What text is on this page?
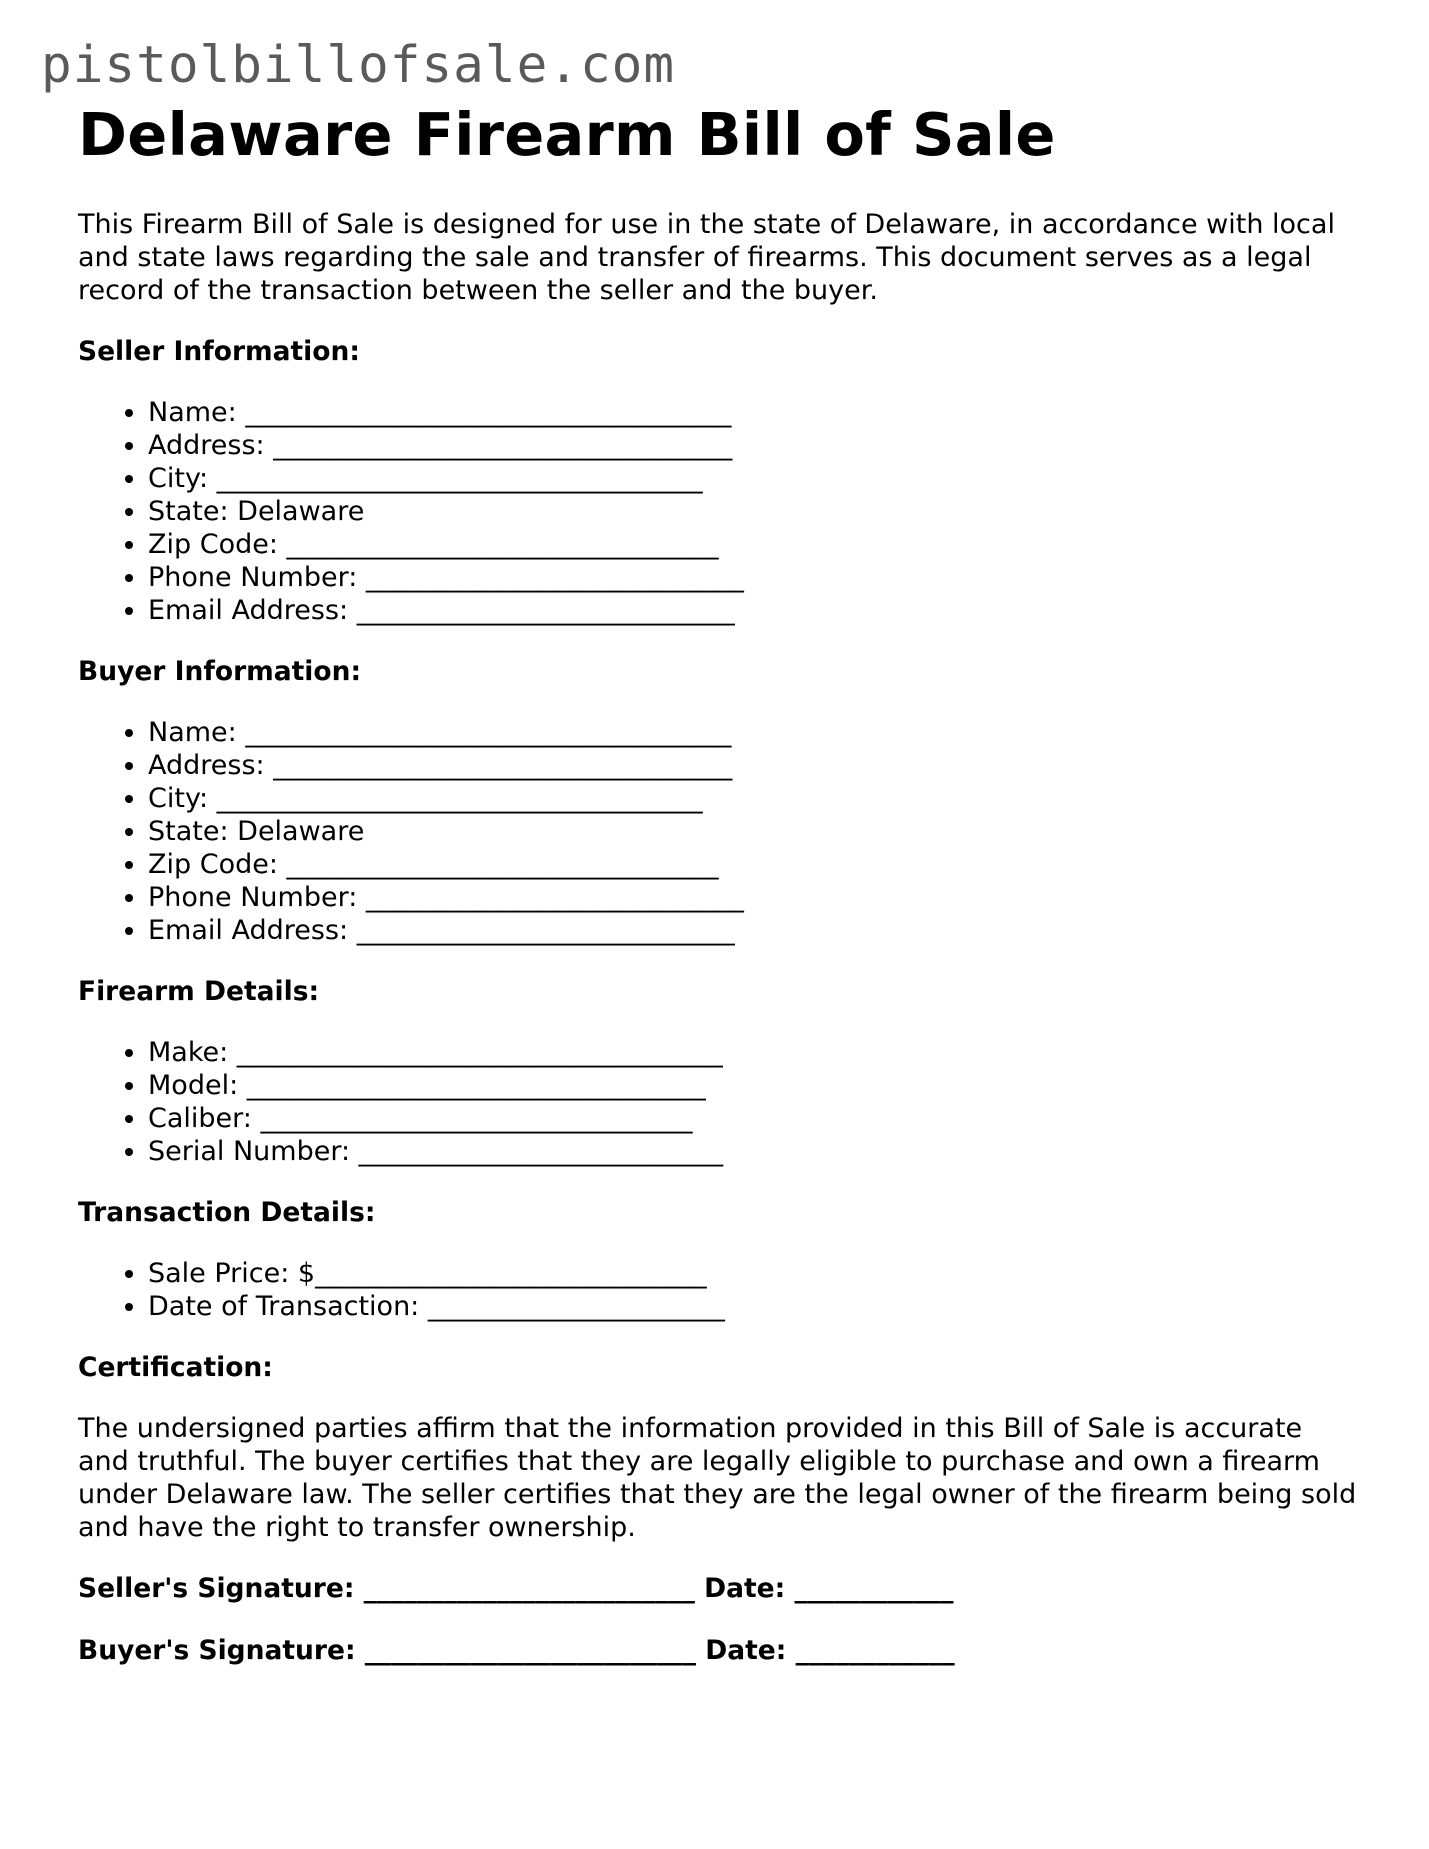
pistolbillofsale.com
Delaware Firearm Bill of Sale

This Firearm Bill of Sale is designed for use in the state of Delaware, in accordance with local and state laws regarding the sale and transfer of firearms. This document serves as a legal record of the transaction between the seller and the buyer.

Seller Information:
• Name: ____________________________________
• Address: __________________________________
• City: ____________________________________
• State: Delaware
• Zip Code: ________________________________
• Phone Number: ____________________________
• Email Address: ____________________________
Buyer Information:
• Name: ____________________________________
• Address: __________________________________
• City: ____________________________________
• State: Delaware
• Zip Code: ________________________________
• Phone Number: ____________________________
• Email Address: ____________________________
Firearm Details:
• Make: ____________________________________
• Model: __________________________________
• Caliber: ________________________________
• Serial Number: ___________________________
Transaction Details:
• Sale Price: $_____________________________
• Date of Transaction: ______________________
Certification:

The undersigned parties affirm that the information provided in this Bill of Sale is accurate and truthful. The buyer certifies that they are legally eligible to purchase and own a firearm under Delaware law. The seller certifies that they are the legal owner of the firearm being sold and have the right to transfer ownership.

Seller's Signature: _________________________ Date: ____________

Buyer's Signature: _________________________ Date: ____________
